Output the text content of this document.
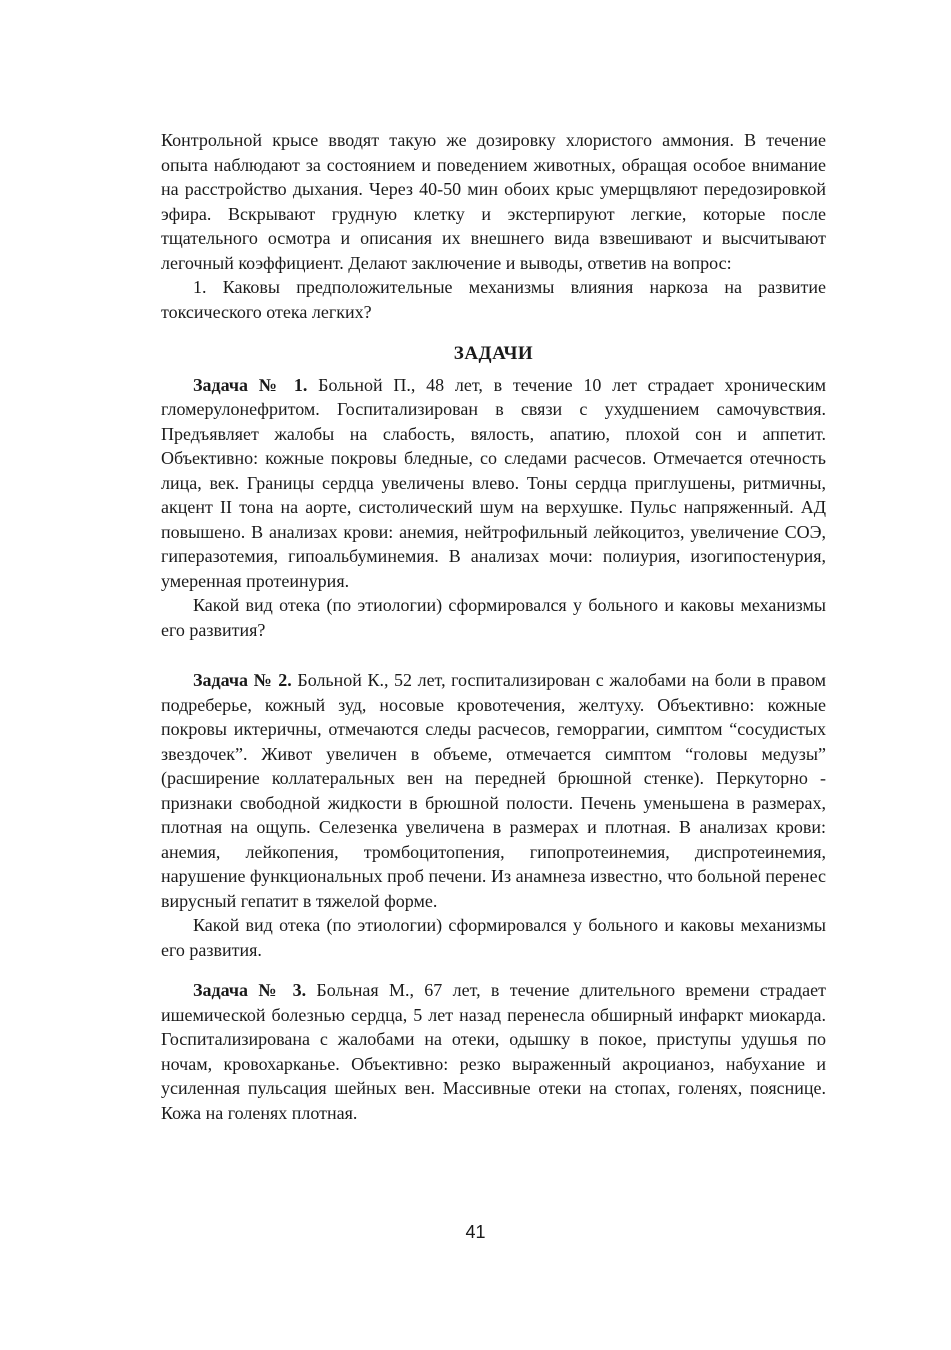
Контрольной крысе вводят такую же дозировку хлористого аммония. В течение опыта наблюдают за состоянием и поведением животных, обращая особое внимание на расстройство дыхания. Через 40-50 мин обоих крыс умерщвляют передозировкой эфира. Вскрывают грудную клетку и экстерпируют легкие, которые после тщательного осмотра и описания их внешнего вида взвешивают и высчитывают легочный коэффициент. Делают заключение и выводы, ответив на вопрос:

1. Каковы предположительные механизмы влияния наркоза на развитие токсического отека легких?

ЗАДАЧИ

Задача № 1. Больной П., 48 лет, в течение 10 лет страдает хроническим гломерулонефритом. Госпитализирован в связи с ухудшением самочувствия. Предъявляет жалобы на слабость, вялость, апатию, плохой сон и аппетит. Объективно: кожные покровы бледные, со следами расчесов. Отмечается отечность лица, век. Границы сердца увеличены влево. Тоны сердца приглушены, ритмичны, акцент II тона на аорте, систолический шум на верхушке. Пульс напряженный. АД повышено. В анализах крови: анемия, нейтрофильный лейкоцитоз, увеличение СОЭ, гиперазотемия, гипоальбуминемия. В анализах мочи: полиурия, изогипостенурия, умеренная протеинурия.

Какой вид отека (по этиологии) сформировался у больного и каковы механизмы его развития?

Задача № 2. Больной К., 52 лет, госпитализирован с жалобами на боли в правом подреберье, кожный зуд, носовые кровотечения, желтуху. Объективно: кожные покровы иктеричны, отмечаются следы расчесов, геморрагии, симптом “сосудистых звездочек”. Живот увеличен в объеме, отмечается симптом “головы медузы” (расширение коллатеральных вен на передней брюшной стенке). Перкуторно - признаки свободной жидкости в брюшной полости. Печень уменьшена в размерах, плотная на ощупь. Селезенка увеличена в размерах и плотная. В анализах крови: анемия, лейкопения, тромбоцитопения, гипопротеинемия, диспротеинемия, нарушение функциональных проб печени. Из анамнеза известно, что больной перенес вирусный гепатит в тяжелой форме.

Какой вид отека (по этиологии) сформировался у больного и каковы механизмы его развития.

Задача № 3. Больная М., 67 лет, в течение длительного времени страдает ишемической болезнью сердца, 5 лет назад перенесла обширный инфаркт миокарда. Госпитализирована с жалобами на отеки, одышку в покое, приступы удушья по ночам, кровохарканье. Объективно: резко выраженный акроцианоз, набухание и усиленная пульсация шейных вен. Массивные отеки на стопах, голенях, пояснице. Кожа на голенях плотная.

41
